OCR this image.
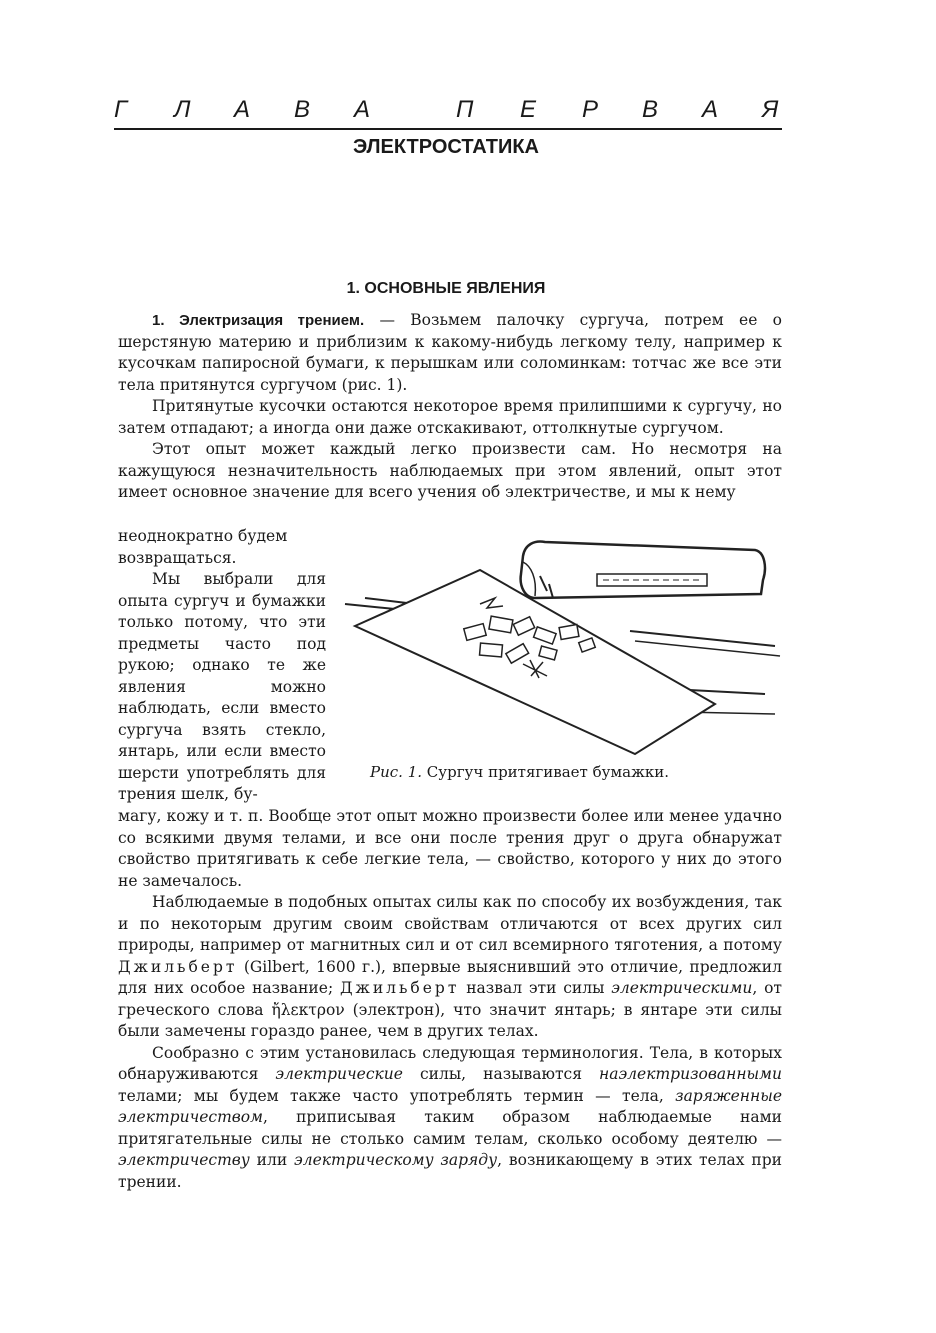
Г Л А В А	П Е Р В А Я
ЭЛЕКТРОСТАТИКА
1. ОСНОВНЫЕ ЯВЛЕНИЯ

1. Электризация трением. — Возьмем палочку сургуча, потрем ее о шерстяную материю и приблизим к какому-нибудь легкому телу, например к кусочкам папиросной бумаги, к перышкам или соломинкам: тотчас же все эти тела притянутся сургучом (рис. 1).

Притянутые кусочки остаются некоторое время прилипшими к сургучу, но затем отпадают; а иногда они даже отскакивают, оттолкнутые сургучом.

Этот опыт может каждый легко произвести сам. Но несмотря на кажущуюся незначительность наблюдаемых при этом явлений, опыт этот имеет основное значение для всего учения об электричестве, и мы к нему

неоднократно будем возвращаться.

Мы выбрали для опыта сургуч и бумажки только потому, что эти предметы часто под рукою; однако те же явления можно наблюдать, если вместо сургуча взять стекло, янтарь, или если вместо шерсти употреблять для трения шелк, бу-

Рис. 1. Сургуч притягивает бумажки.

магу, кожу и т. п. Вообще этот опыт можно произвести более или менее удачно со всякими двумя телами, и все они после трения друг о друга обнаружат свойство притягивать к себе легкие тела, — свойство, которого у них до этого не замечалось.

Наблюдаемые в подобных опытах силы как по способу их возбуждения, так и по некоторым другим своим свойствам отличаются от всех других сил природы, например от магнитных сил и от сил всемирного тяготения, а потому Джильберт (Gilbert, 1600 г.), впервые выяснивший это отличие, предложил для них особое название; Джильберт назвал эти силы электрическими, от греческого слова ἤλεκτρον (электрон), что значит янтарь; в янтаре эти силы были замечены гораздо ранее, чем в других телах.

Сообразно с этим установилась следующая терминология. Тела, в которых обнаруживаются электрические силы, называются наэлектризованными телами; мы будем также часто употреблять термин — тела, заряженные электричеством, приписывая таким образом наблюдаемые нами притягательные силы не столько самим телам, сколько особому деятелю — электричеству или электрическому заряду, возникающему в этих телах при трении.
